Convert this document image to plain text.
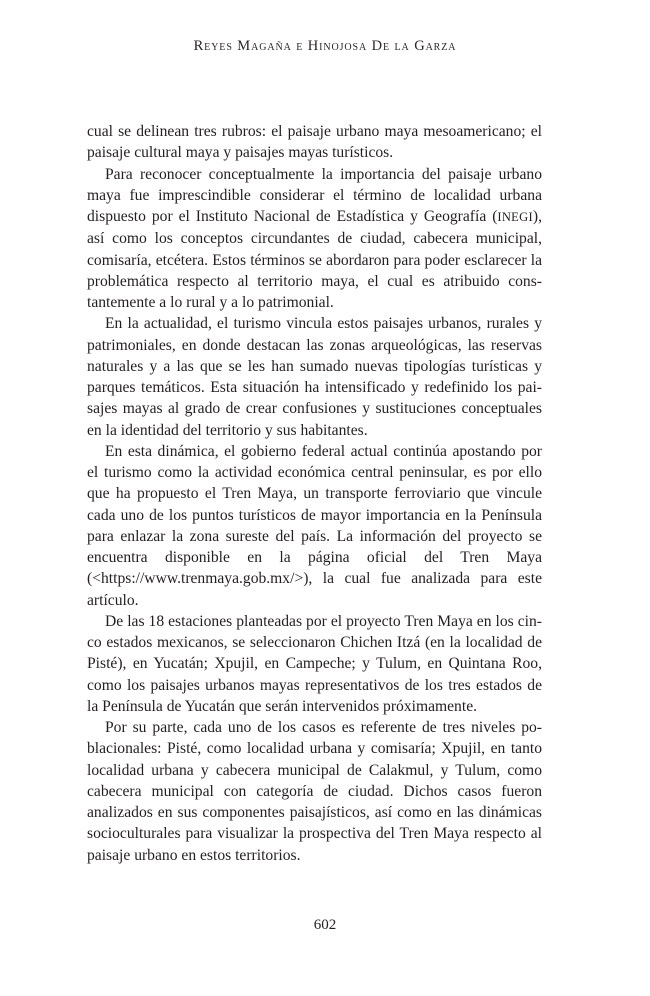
Reyes Magaña e Hinojosa De la Garza

cual se delinean tres rubros: el paisaje urbano maya mesoamericano; el paisaje cultural maya y paisajes mayas turísticos.

Para reconocer conceptualmente la importancia del paisaje urbano maya fue imprescindible considerar el término de localidad urbana dispuesto por el Instituto Nacional de Estadística y Geografía (INEGI), así como los conceptos circundantes de ciudad, cabecera municipal, comisaría, etcétera. Estos términos se abordaron para poder esclarecer la problemática respecto al territorio maya, el cual es atribuido constantemente a lo rural y a lo patrimonial.

En la actualidad, el turismo vincula estos paisajes urbanos, rurales y patrimoniales, en donde destacan las zonas arqueológicas, las reservas naturales y a las que se les han sumado nuevas tipologías turísticas y parques temáticos. Esta situación ha intensificado y redefinido los paisajes mayas al grado de crear confusiones y sustituciones conceptuales en la identidad del territorio y sus habitantes.

En esta dinámica, el gobierno federal actual continúa apostando por el turismo como la actividad económica central peninsular, es por ello que ha propuesto el Tren Maya, un transporte ferroviario que vincule cada uno de los puntos turísticos de mayor importancia en la Península para enlazar la zona sureste del país. La información del proyecto se encuentra disponible en la página oficial del Tren Maya (<https://www.trenmaya.gob.mx/>), la cual fue analizada para este artículo.

De las 18 estaciones planteadas por el proyecto Tren Maya en los cinco estados mexicanos, se seleccionaron Chichen Itzá (en la localidad de Pisté), en Yucatán; Xpujil, en Campeche; y Tulum, en Quintana Roo, como los paisajes urbanos mayas representativos de los tres estados de la Península de Yucatán que serán intervenidos próximamente.

Por su parte, cada uno de los casos es referente de tres niveles poblacionales: Pisté, como localidad urbana y comisaría; Xpujil, en tanto localidad urbana y cabecera municipal de Calakmul, y Tulum, como cabecera municipal con categoría de ciudad. Dichos casos fueron analizados en sus componentes paisajísticos, así como en las dinámicas socioculturales para visualizar la prospectiva del Tren Maya respecto al paisaje urbano en estos territorios.

602
